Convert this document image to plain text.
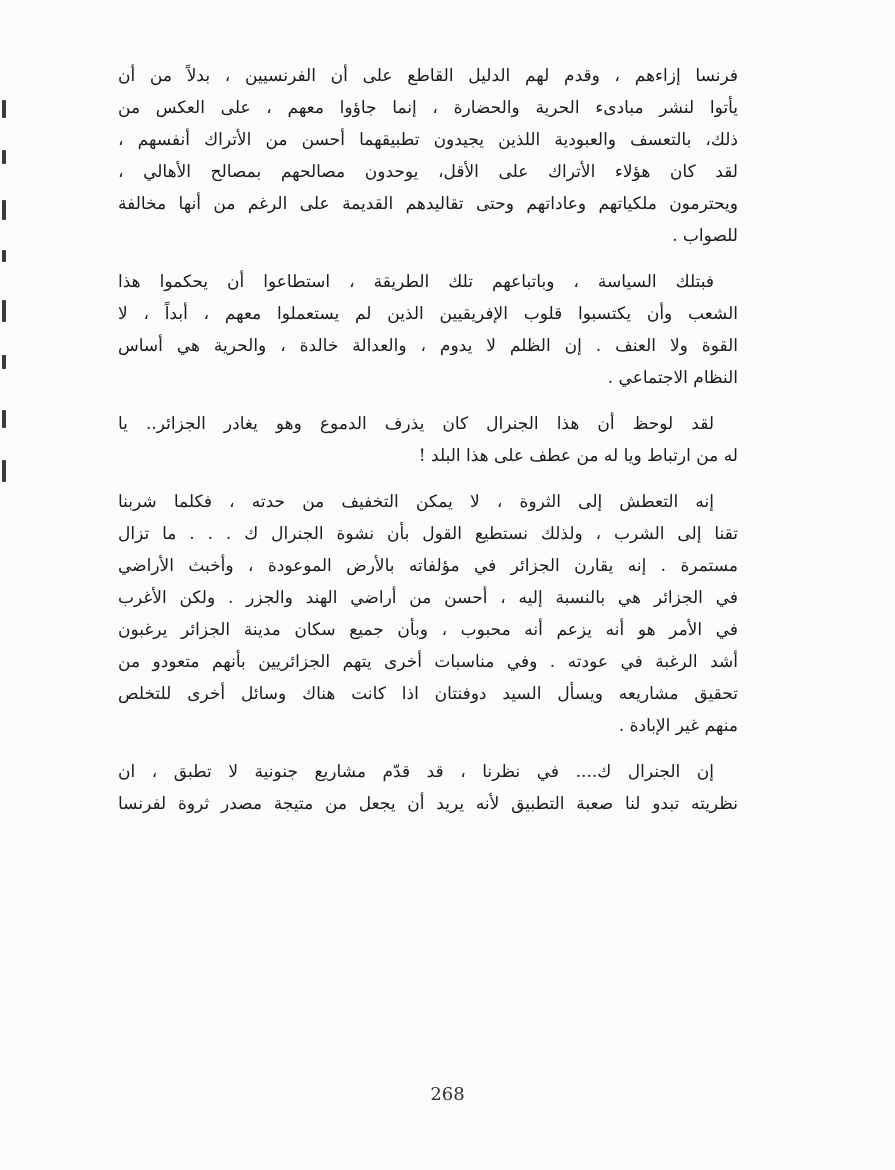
فرنسا إزاءهم ، وقدم لهم الدليل القاطع على أن الفرنسيين ، بدلاً من أن
يأتوا لنشر مبادىء الحرية والحضارة ، إنما جاؤوا معهم ، على العكس من
ذلك، بالتعسف والعبودية اللذين يجيدون تطبيقهما أحسن من الأتراك أنفسهم ،
لقد كان هؤلاء الأتراك على الأقل، يوحدون مصالحهم بمصالح الأهالي ،
ويحترمون ملكياتهم وعاداتهم وحتى تقاليدهم القديمة على الرغم من أنها مخالفة
للصواب .
فبتلك السياسة ، وباتباعهم تلك الطريقة ، استطاعوا أن يحكموا هذا
الشعب وأن يكتسبوا قلوب الإفريقيين الذين لم يستعملوا معهم ، أبداً ، لا
القوة ولا العنف . إن الظلم لا يدوم ، والعدالة خالدة ، والحرية هي أساس
النظام الاجتماعي .
لقد لوحظ أن هذا الجنرال كان يذرف الدموع وهو يغادر الجزائر.. يا
له من ارتباط ويا له من عطف على هذا البلد !
إنه التعطش إلى الثروة ، لا يمكن التخفيف من حدته ، فكلما شربنا
تقنا إلى الشرب ، ولذلك نستطيع القول بأن نشوة الجنرال ك . . . ما تزال
مستمرة . إنه يقارن الجزائر في مؤلفاته بالأرض الموعودة ، وأخبث الأراضي
في الجزائر هي بالنسبة إليه ، أحسن من أراضي الهند والجزر . ولكن الأغرب
في الأمر هو أنه يزعم أنه محبوب ، وبأن جميع سكان مدينة الجزائر يرغبون
أشد الرغبة في عودته . وفي مناسبات أخرى يتهم الجزائريين بأنهم متعودو من
تحقيق مشاريعه ويسأل السيد دوفنتان اذا كانت هناك وسائل أخرى للتخلص
منهم غير الإبادة .
إن الجنرال ك.... في نظرنا ، قد قدّم مشاريع جنونية لا تطبق ، ان
نظريته تبدو لنا صعبة التطبيق لأنه يريد أن يجعل من متيجة مصدر ثروة لفرنسا
268
